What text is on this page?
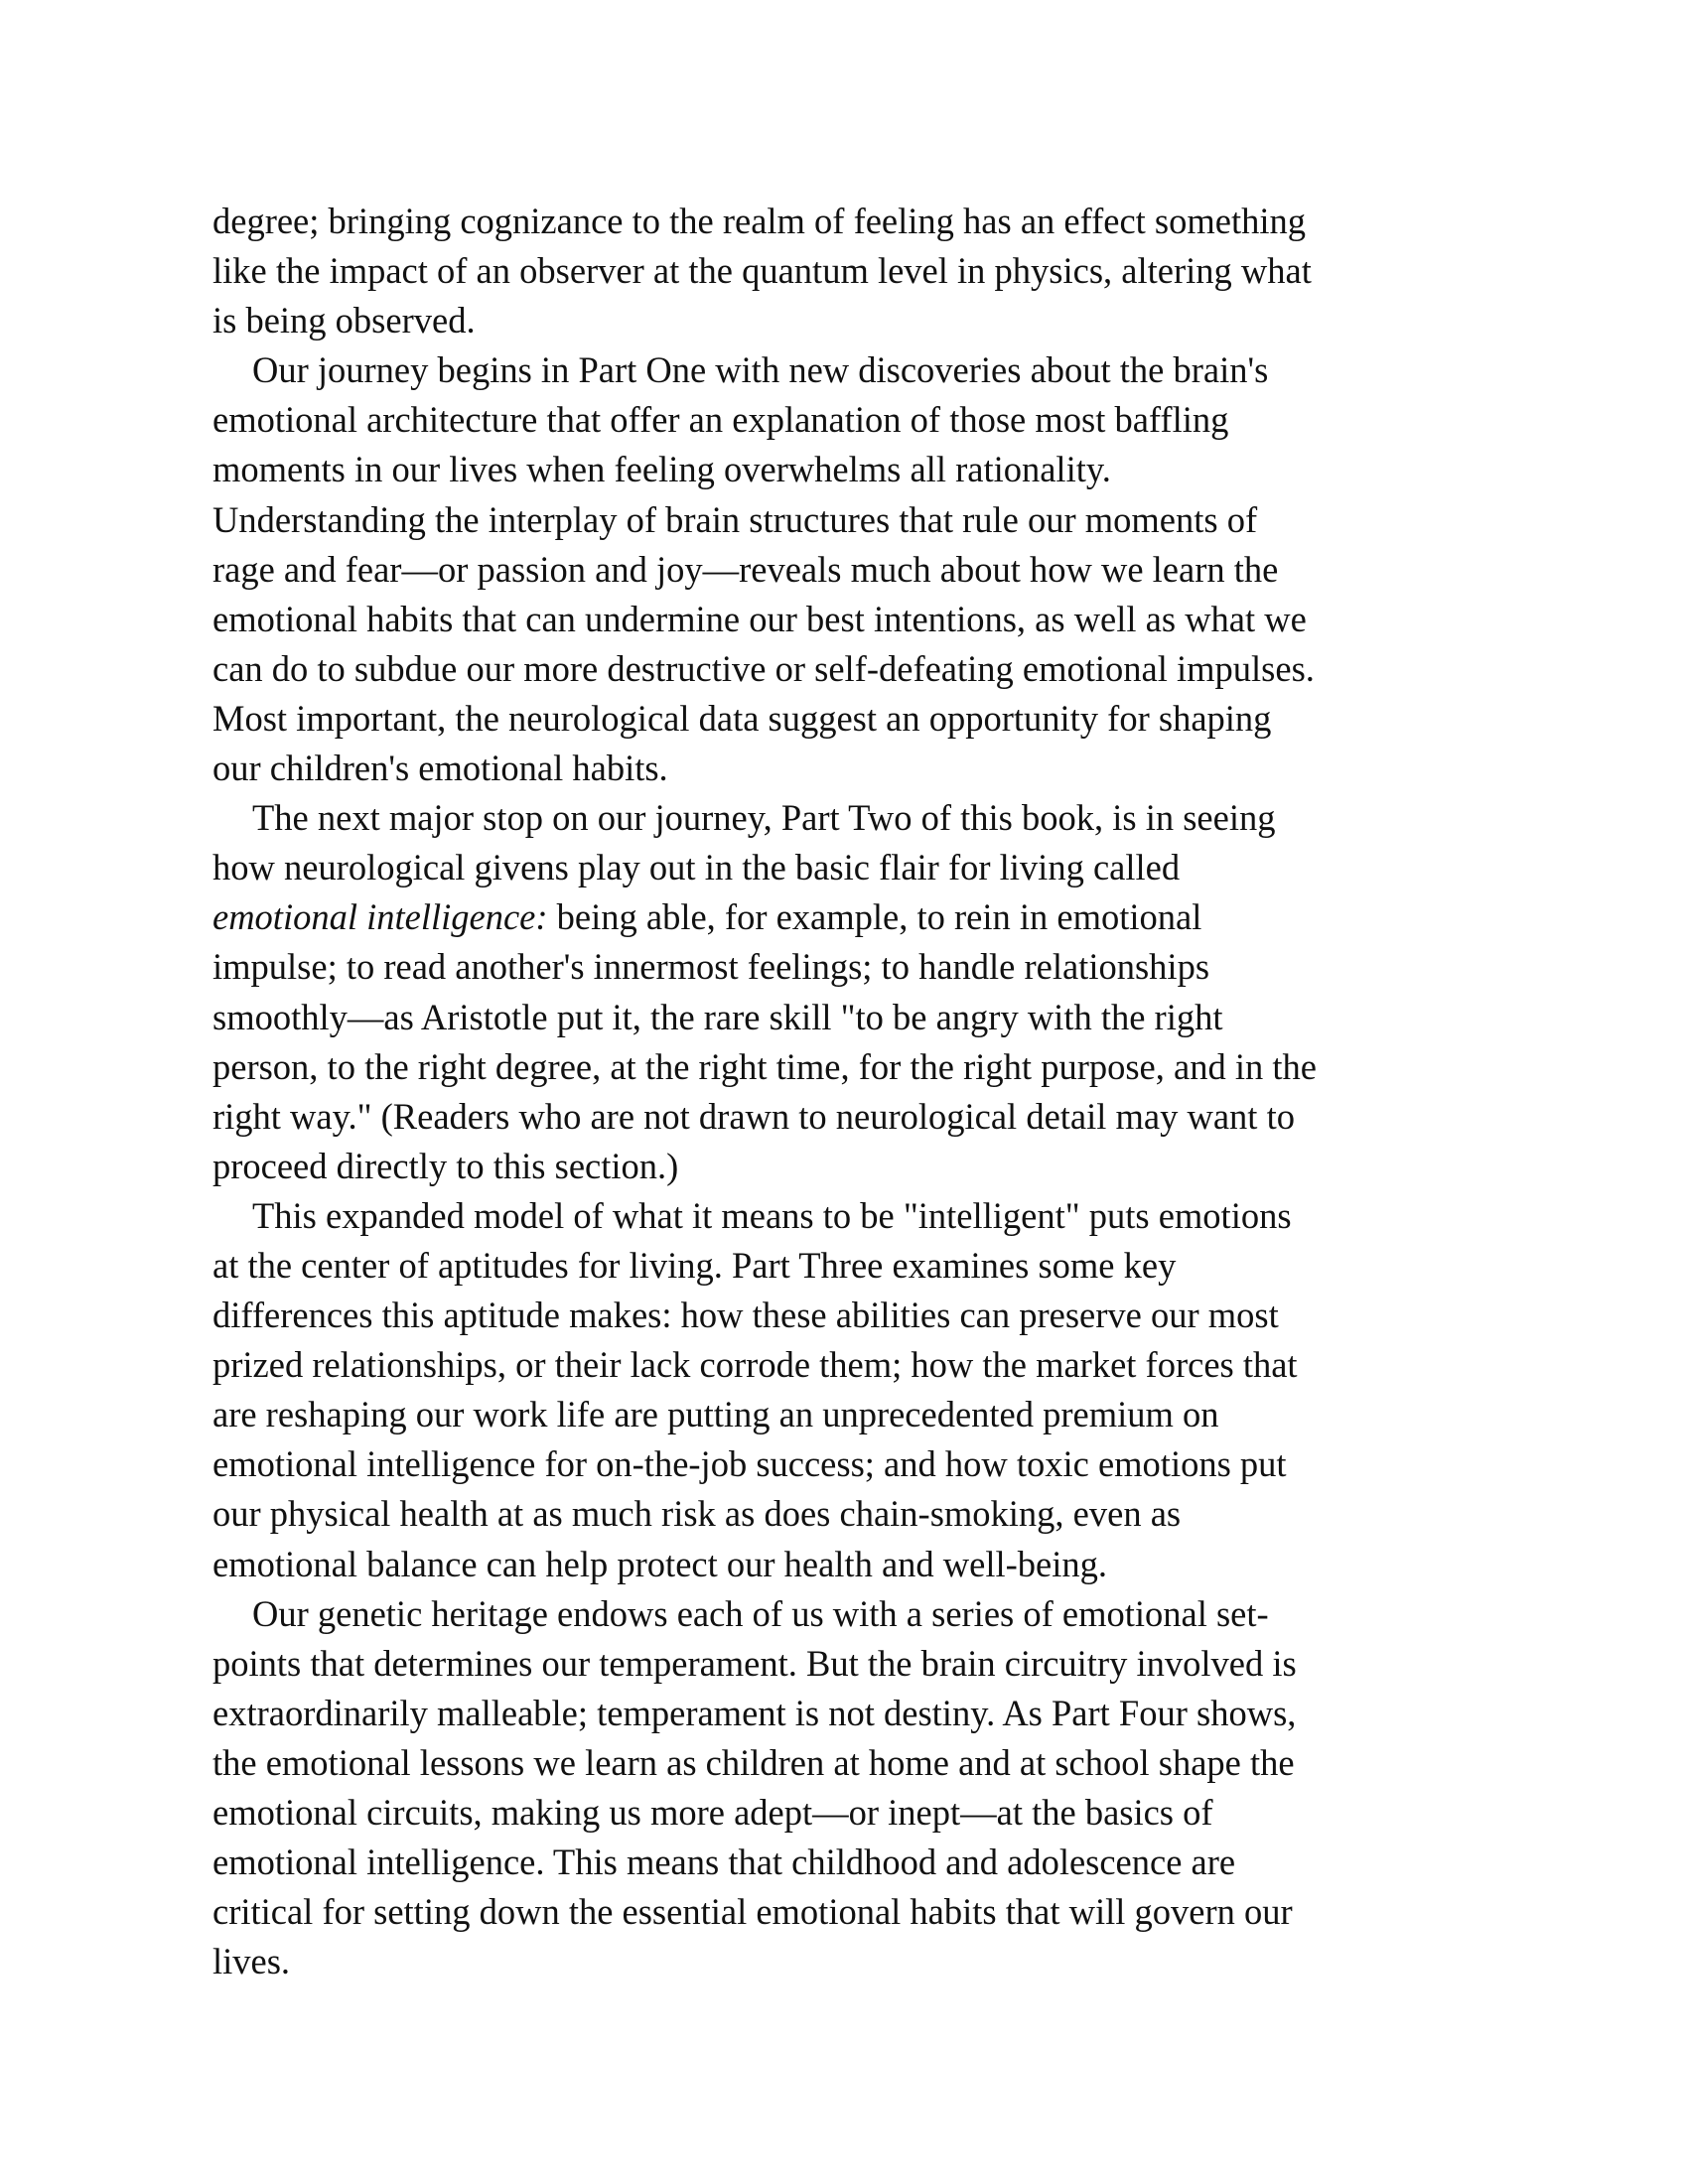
degree; bringing cognizance to the realm of feeling has an effect something
like the impact of an observer at the quantum level in physics, altering what
is being observed.
Our journey begins in Part One with new discoveries about the brain's
emotional architecture that offer an explanation of those most baffling
moments in our lives when feeling overwhelms all rationality.
Understanding the interplay of brain structures that rule our moments of
rage and fear—or passion and joy—reveals much about how we learn the
emotional habits that can undermine our best intentions, as well as what we
can do to subdue our more destructive or self-defeating emotional impulses.
Most important, the neurological data suggest an opportunity for shaping
our children's emotional habits.
The next major stop on our journey, Part Two of this book, is in seeing
how neurological givens play out in the basic flair for living called
emotional intelligence: being able, for example, to rein in emotional
impulse; to read another's innermost feelings; to handle relationships
smoothly—as Aristotle put it, the rare skill "to be angry with the right
person, to the right degree, at the right time, for the right purpose, and in the
right way." (Readers who are not drawn to neurological detail may want to
proceed directly to this section.)
This expanded model of what it means to be "intelligent" puts emotions
at the center of aptitudes for living. Part Three examines some key
differences this aptitude makes: how these abilities can preserve our most
prized relationships, or their lack corrode them; how the market forces that
are reshaping our work life are putting an unprecedented premium on
emotional intelligence for on-the-job success; and how toxic emotions put
our physical health at as much risk as does chain-smoking, even as
emotional balance can help protect our health and well-being.
Our genetic heritage endows each of us with a series of emotional set-
points that determines our temperament. But the brain circuitry involved is
extraordinarily malleable; temperament is not destiny. As Part Four shows,
the emotional lessons we learn as children at home and at school shape the
emotional circuits, making us more adept—or inept—at the basics of
emotional intelligence. This means that childhood and adolescence are
critical for setting down the essential emotional habits that will govern our
lives.
